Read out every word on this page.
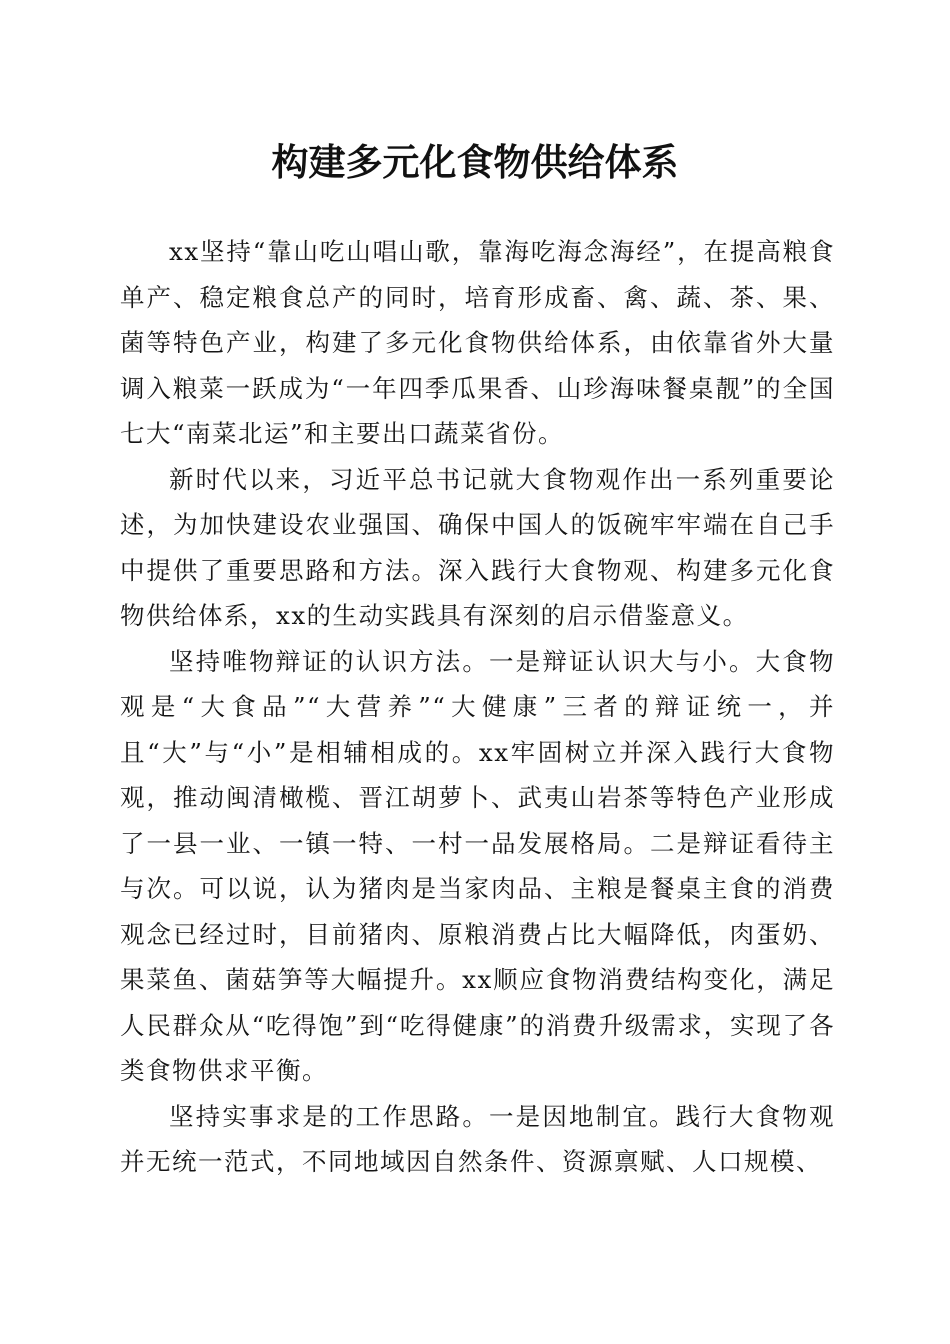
构建多元化食物供给体系

xx坚持“靠山吃山唱山歌，靠海吃海念海经”，在提高粮食单产、稳定粮食总产的同时，培育形成畜、禽、蔬、茶、果、菌等特色产业，构建了多元化食物供给体系，由依靠省外大量调入粮菜一跃成为“一年四季瓜果香、山珍海味餐桌靓”的全国七大“南菜北运”和主要出口蔬菜省份。

新时代以来，习近平总书记就大食物观作出一系列重要论述，为加快建设农业强国、确保中国人的饭碗牢牢端在自己手中提供了重要思路和方法。深入践行大食物观、构建多元化食物供给体系，xx的生动实践具有深刻的启示借鉴意义。

坚持唯物辩证的认识方法。一是辩证认识大与小。大食物观是“大食品”“大营养”“大健康”三者的辩证统一，并且“大”与“小”是相辅相成的。xx牢固树立并深入践行大食物观，推动闽清橄榄、晋江胡萝卜、武夷山岩茶等特色产业形成了一县一业、一镇一特、一村一品发展格局。二是辩证看待主与次。可以说，认为猪肉是当家肉品、主粮是餐桌主食的消费观念已经过时，目前猪肉、原粮消费占比大幅降低，肉蛋奶、果菜鱼、菌菇笋等大幅提升。xx顺应食物消费结构变化，满足人民群众从“吃得饱”到“吃得健康”的消费升级需求，实现了各类食物供求平衡。

坚持实事求是的工作思路。一是因地制宜。践行大食物观并无统一范式，不同地域因自然条件、资源禀赋、人口规模、
